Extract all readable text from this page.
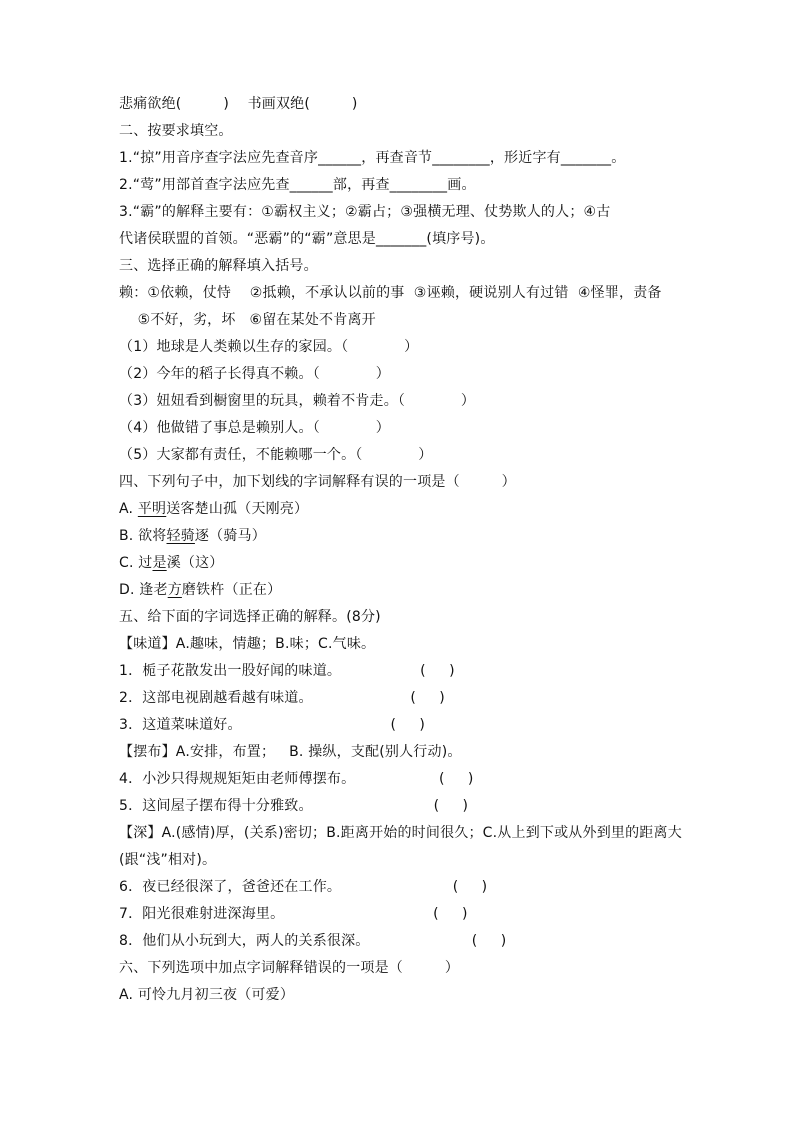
悲痛欲绝(         )    书画双绝(         )
二、按要求填空。
1.“掠”用音序查字法应先查音序______，再查音节________，形近字有_______。
2.“莺”用部首查字法应先查______部，再查________画。
3.“霸”的解释主要有：①霸权主义；②霸占；③强横无理、仗势欺人的人；④古
代诸侯联盟的首领。“恶霸”的“霸”意思是_______(填序号)。
三、选择正确的解释填入括号。
赖：①依赖，仗恃    ②抵赖，不承认以前的事  ③诬赖，硬说别人有过错  ④怪罪，责备
⑤不好，劣，坏   ⑥留在某处不肯离开
（1）地球是人类赖以生存的家园。（            ）
（2）今年的稻子长得真不赖。（            ）
（3）妞妞看到橱窗里的玩具，赖着不肯走。（            ）
（4）他做错了事总是赖别人。（            ）
（5）大家都有责任，不能赖哪一个。（            ）
四、下列句子中，加下划线的字词解释有误的一项是（         ）
A. 平明送客楚山孤（天刚亮）
B. 欲将轻骑逐（骑马）
C. 过是溪（这）
D. 逢老方磨铁杵（正在）
五、给下面的字词选择正确的解释。(8分)
【味道】A.趣味，情趣；B.味；C.气味。
1．栀子花散发出一股好闻的味道。                 (     )
2．这部电视剧越看越有味道。                     (     )
3．这道菜味道好。                                (     )
【摆布】A.安排，布置；   B. 操纵，支配(别人行动)。
4．小沙只得规规矩矩由老师傅摆布。                  (     )
5．这间屋子摆布得十分雅致。                          (     )
【深】A.(感情)厚，(关系)密切；B.距离开始的时间很久；C.从上到下或从外到里的距离大
(跟“浅”相对)。
6．夜已经很深了，爸爸还在工作。                        (     )
7．阳光很难射进深海里。                                (     )
8．他们从小玩到大，两人的关系很深。                      (     )
六、下列选项中加点字词解释错误的一项是（         ）
A. 可怜九月初三夜（可爱）
